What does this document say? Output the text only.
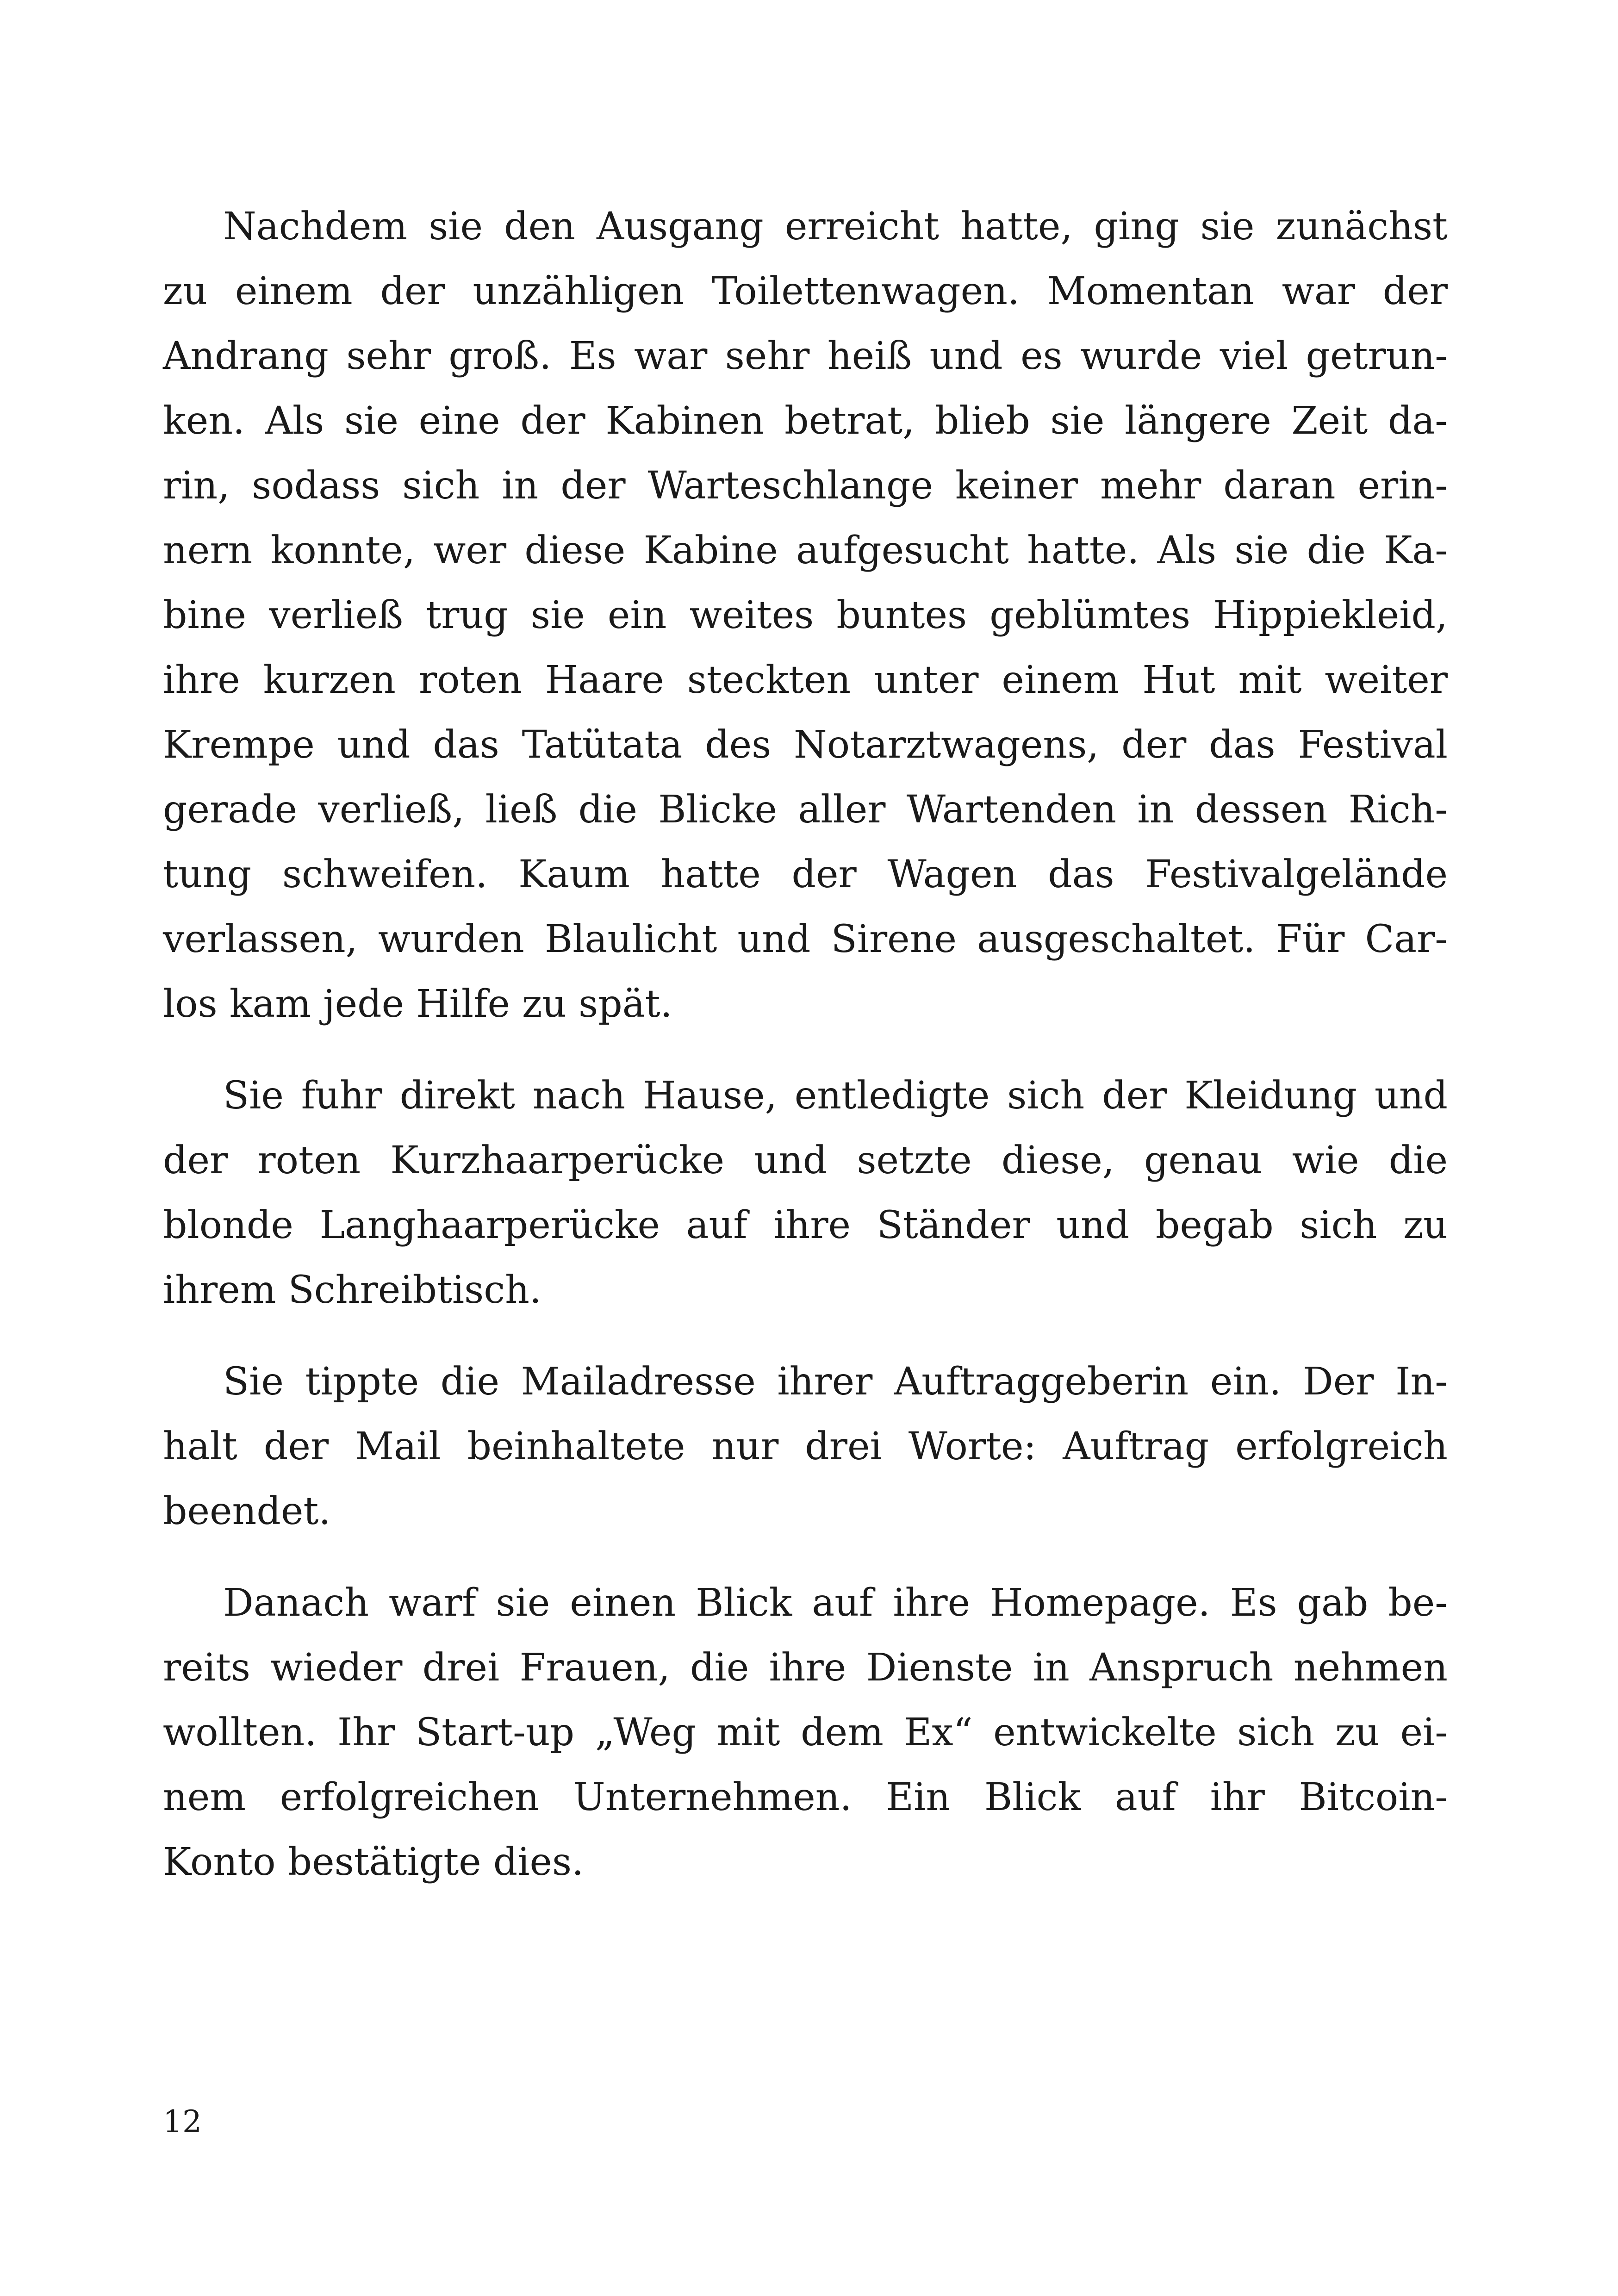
Nachdem sie den Ausgang erreicht hatte, ging sie zunächst
zu einem der unzähligen Toilettenwagen. Momentan war der
Andrang sehr groß. Es war sehr heiß und es wurde viel getrun-
ken. Als sie eine der Kabinen betrat, blieb sie längere Zeit da-
rin, sodass sich in der Warteschlange keiner mehr daran erin-
nern konnte, wer diese Kabine aufgesucht hatte. Als sie die Ka-
bine verließ trug sie ein weites buntes geblümtes Hippiekleid,
ihre kurzen roten Haare steckten unter einem Hut mit weiter
Krempe und das Tatütata des Notarztwagens, der das Festival
gerade verließ, ließ die Blicke aller Wartenden in dessen Rich-
tung schweifen. Kaum hatte der Wagen das Festivalgelände
verlassen, wurden Blaulicht und Sirene ausgeschaltet. Für Car-
los kam jede Hilfe zu spät.
Sie fuhr direkt nach Hause, entledigte sich der Kleidung und
der roten Kurzhaarperücke und setzte diese, genau wie die
blonde Langhaarperücke auf ihre Ständer und begab sich zu
ihrem Schreibtisch.
Sie tippte die Mailadresse ihrer Auftraggeberin ein. Der In-
halt der Mail beinhaltete nur drei Worte: Auftrag erfolgreich
beendet.
Danach warf sie einen Blick auf ihre Homepage. Es gab be-
reits wieder drei Frauen, die ihre Dienste in Anspruch nehmen
wollten. Ihr Start-up „Weg mit dem Ex“ entwickelte sich zu ei-
nem erfolgreichen Unternehmen. Ein Blick auf ihr Bitcoin-
Konto bestätigte dies.
12
